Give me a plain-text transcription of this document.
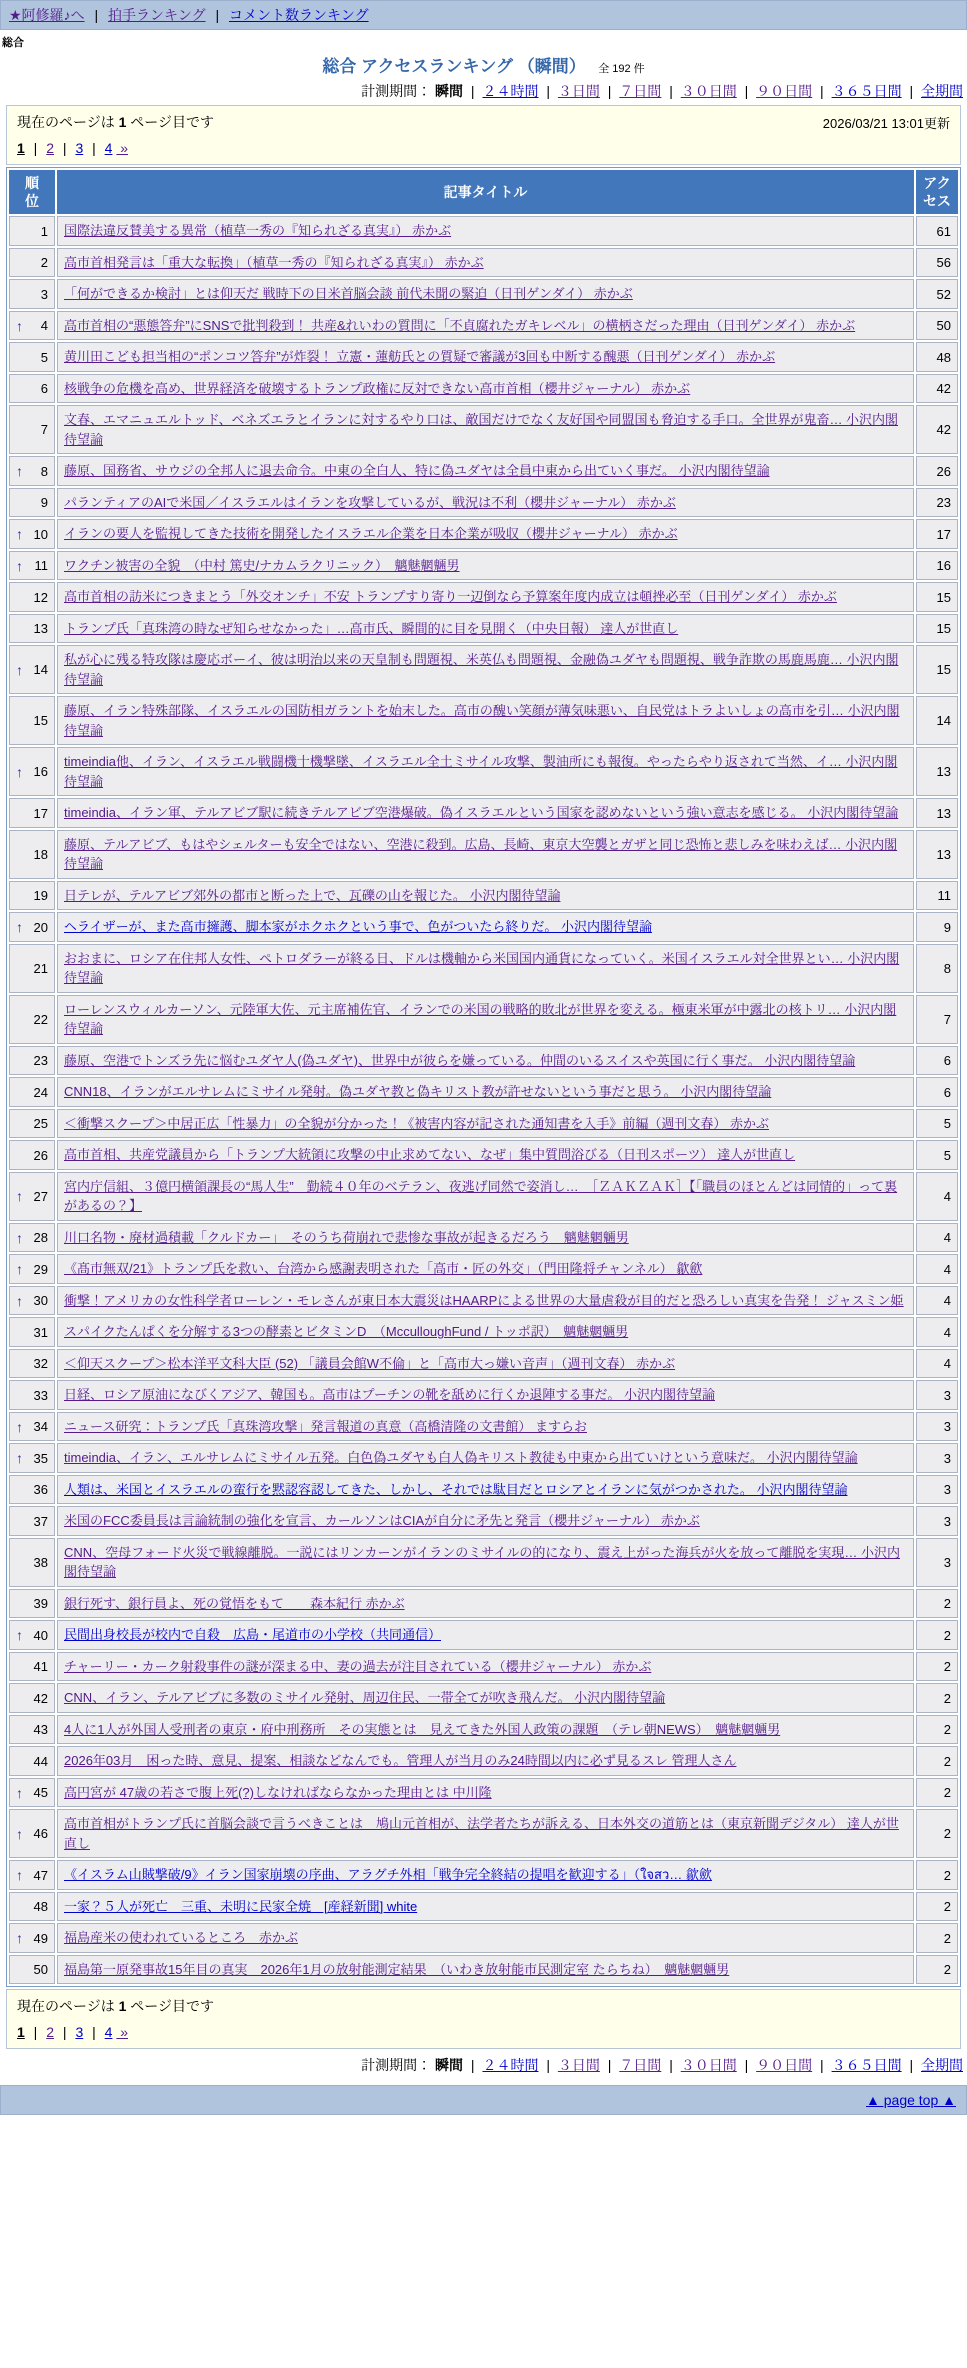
★阿修羅♪へ | 拍手ランキング | コメント数ランキング
総合
総合 アクセスランキング （瞬間） 全 192 件
計測期間： 瞬間 | ２４時間 | ３日間 | ７日間 | ３０日間 | ９０日間 | ３６５日間 | 全期間
現在のページは 1 ページ目です	2026/03/21 13:01更新
1 | 2 | 3 | 4  »
順位	記事タイトル	アクセス

1	国際法違反賛美する異常（植草一秀の『知られざる真実』） 赤かぶ	61

2	高市首相発言は「重大な転換」（植草一秀の『知られざる真実』） 赤かぶ	56

3	「何ができるか検討」とは仰天だ 戦時下の日米首脳会談 前代未聞の緊迫（日刊ゲンダイ） 赤かぶ	52

↑ 4	高市首相の“悪態答弁”にSNSで批判殺到！ 共産&れいわの質問に「不貞腐れたガキレベル」の横柄さだった理由（日刊ゲンダイ） 赤かぶ	50

5	黄川田こども担当相の“ポンコツ答弁”が炸裂！ 立憲・蓮舫氏との質疑で審議が3回も中断する醜悪（日刊ゲンダイ） 赤かぶ	48

6	核戦争の危機を高め、世界経済を破壊するトランプ政権に反対できない高市首相（櫻井ジャーナル） 赤かぶ	42

7	文春、エマニュエルトッド、ベネズエラとイランに対するやり口は、敵国だけでなく友好国や同盟国も脅迫する手口。全世界が鬼畜… 小沢内閣待望論	42

↑ 8	藤原、国務省、サウジの全邦人に退去命令。中東の全白人、特に偽ユダヤは全員中東から出ていく事だ。 小沢内閣待望論	26

9	パランティアのAIで米国／イスラエルはイランを攻撃しているが、戦況は不利（櫻井ジャーナル） 赤かぶ	23

↑ 10	イランの要人を監視してきた技術を開発したイスラエル企業を日本企業が吸収（櫻井ジャーナル） 赤かぶ	17

↑ 11	ワクチン被害の全貌　（中村 篤史/ナカムラクリニック）　魑魅魍魎男	16

12	高市首相の訪米につきまとう「外交オンチ」不安 トランプすり寄り一辺倒なら予算案年度内成立は頓挫必至（日刊ゲンダイ） 赤かぶ	15

13	トランプ氏「真珠湾の時なぜ知らせなかった」…高市氏、瞬間的に目を見開く（中央日報） 達人が世直し	15

↑ 14	私が心に残る特攻隊は慶応ボーイ、彼は明治以来の天皇制も問題視、米英仏も問題視、金融偽ユダヤも問題視、戦争詐欺の馬鹿馬鹿… 小沢内閣待望論	15

15	藤原、イラン特殊部隊、イスラエルの国防相ガラントを始末した。高市の醜い笑顔が薄気味悪い、自民党はトラよいしょの高市を引… 小沢内閣待望論	14

↑ 16	timeindia他、イラン、イスラエル戦闘機十機撃墜、イスラエル全土ミサイル攻撃、製油所にも報復。やったらやり返されて当然、イ… 小沢内閣待望論	13

17	timeindia、イラン軍、テルアビブ駅に続きテルアビブ空港爆破。偽イスラエルという国家を認めないという強い意志を感じる。 小沢内閣待望論	13

18	藤原、テルアビブ、もはやシェルターも安全ではない、空港に殺到。広島、長崎、東京大空襲とガザと同じ恐怖と悲しみを味わえば… 小沢内閣待望論	13

19	日テレが、テルアビブ郊外の都市と断った上で、瓦礫の山を報じた。 小沢内閣待望論	11

↑ 20	ヘライザーが、また高市擁護、脚本家がホクホクという事で、色がついたら終りだ。 小沢内閣待望論	9

21	おおまに、ロシア在住邦人女性、ペトロダラーが終る日、ドルは機軸から米国国内通貨になっていく。米国イスラエル対全世界とい… 小沢内閣待望論	8

22	ローレンスウィルカーソン、元陸軍大佐、元主席補佐官、イランでの米国の戦略的敗北が世界を変える。極東米軍が中露北の核トリ… 小沢内閣待望論	7

23	藤原、空港でトンズラ先に悩むユダヤ人(偽ユダヤ)、世界中が彼らを嫌っている。仲間のいるスイスや英国に行く事だ。 小沢内閣待望論	6

24	CNN18、イランがエルサレムにミサイル発射。偽ユダヤ教と偽キリスト教が許せないという事だと思う。 小沢内閣待望論	6

25	＜衝撃スクープ＞中居正広「性暴力」の全貌が分かった！《被害内容が記された通知書を入手》前編（週刊文春） 赤かぶ	5

26	高市首相、共産党議員から「トランプ大統領に攻撃の中止求めてない、なぜ」集中質問浴びる（日刊スポーツ） 達人が世直し	5

↑ 27	宮内庁信組、３億円横領課長の“馬人生”　勤続４０年のベテラン、夜逃げ同然で姿消し…　［ＺＡＫＺＡＫ］【「職員のほとんどは同情的」って裏があるの？】	4

↑ 28	川口名物・廃材過積載「クルドカー」　そのうち荷崩れで悲惨な事故が起きるだろう　魑魅魍魎男	4

↑ 29	《髙市無双/21》トランプ氏を救い、台湾から感謝表明された「高市・匠の外交」（門田隆将チャンネル） 歙歛	4

↑ 30	衝撃！アメリカの女性科学者ローレン・モレさんが東日本大震災はHAARPによる世界の大量虐殺が目的だと恐ろしい真実を告発！ ジャスミン姫	4

31	スパイクたんぱくを分解する3つの酵素とビタミンD　（McculloughFund / トッポ訳）　魑魅魍魎男	4

32	＜仰天スクープ＞松本洋平文科大臣 (52) 「議員会館W不倫」と「高市大っ嫌い音声」（週刊文春） 赤かぶ	4

33	日経、ロシア原油になびくアジア、韓国も。高市はプーチンの靴を舐めに行くか退陣する事だ。 小沢内閣待望論	3

↑ 34	ニュース研究：トランプ氏「真珠湾攻撃」発言報道の真意（高橋清隆の文書館） ますらお	3

↑ 35	timeindia、イラン、エルサレムにミサイル五発。白色偽ユダヤも白人偽キリスト教徒も中東から出ていけという意味だ。 小沢内閣待望論	3

36	人類は、米国とイスラエルの蛮行を黙認容認してきた、しかし、それでは駄目だとロシアとイランに気がつかされた。 小沢内閣待望論	3

37	米国のFCC委員長は言論統制の強化を宣言、カールソンはCIAが自分に矛先と発言（櫻井ジャーナル） 赤かぶ	3

38	CNN、空母フォード火災で戦線離脱。一説にはリンカーンがイランのミサイルの的になり、震え上がった海兵が火を放って離脱を実現… 小沢内閣待望論	3

39	銀行死す、銀行員よ、死の覚悟をもて　　森本紀行 赤かぶ	2

↑ 40	民間出身校長が校内で自殺　広島・尾道市の小学校（共同通信）	2

41	チャーリー・カーク射殺事件の謎が深まる中、妻の過去が注目されている（櫻井ジャーナル） 赤かぶ	2

42	CNN、イラン、テルアビブに多数のミサイル発射、周辺住民、一帯全てが吹き飛んだ。 小沢内閣待望論	2

43	4人に1人が外国人受刑者の東京・府中刑務所　その実態とは　見えてきた外国人政策の課題　（テレ朝NEWS）　魑魅魍魎男	2

44	2026年03月　困った時、意見、提案、相談などなんでも。管理人が当月のみ24時間以内に必ず見るスレ 管理人さん	2

↑ 45	高円宮が 47歳の若さで腹上死(?)しなければならなかった理由とは 中川隆	2

↑ 46	高市首相がトランプ氏に首脳会談で言うべきことは　鳩山元首相が、法学者たちが訴える、日本外交の道筋とは（東京新聞デジタル） 達人が世直し	2

↑ 47	《イスラム山賊撃破/9》イラン国家崩壊の序曲、アラグチ外相「戦争完全終結の提唱を歓迎する」（ใจสว… 歙歛	2

48	一家？５人が死亡　三重、未明に民家全焼　[産経新聞] white	2

↑ 49	福島産米の使われているところ　赤かぶ	2

50	福島第一原発事故15年目の真実　2026年1月の放射能測定結果　（いわき放射能市民測定室 たらちね）　魑魅魍魎男	2
現在のページは 1 ページ目です
1 | 2 | 3 | 4  »
計測期間： 瞬間 | ２４時間 | ３日間 | ７日間 | ３０日間 | ９０日間 | ３６５日間 | 全期間
▲ page top ▲
